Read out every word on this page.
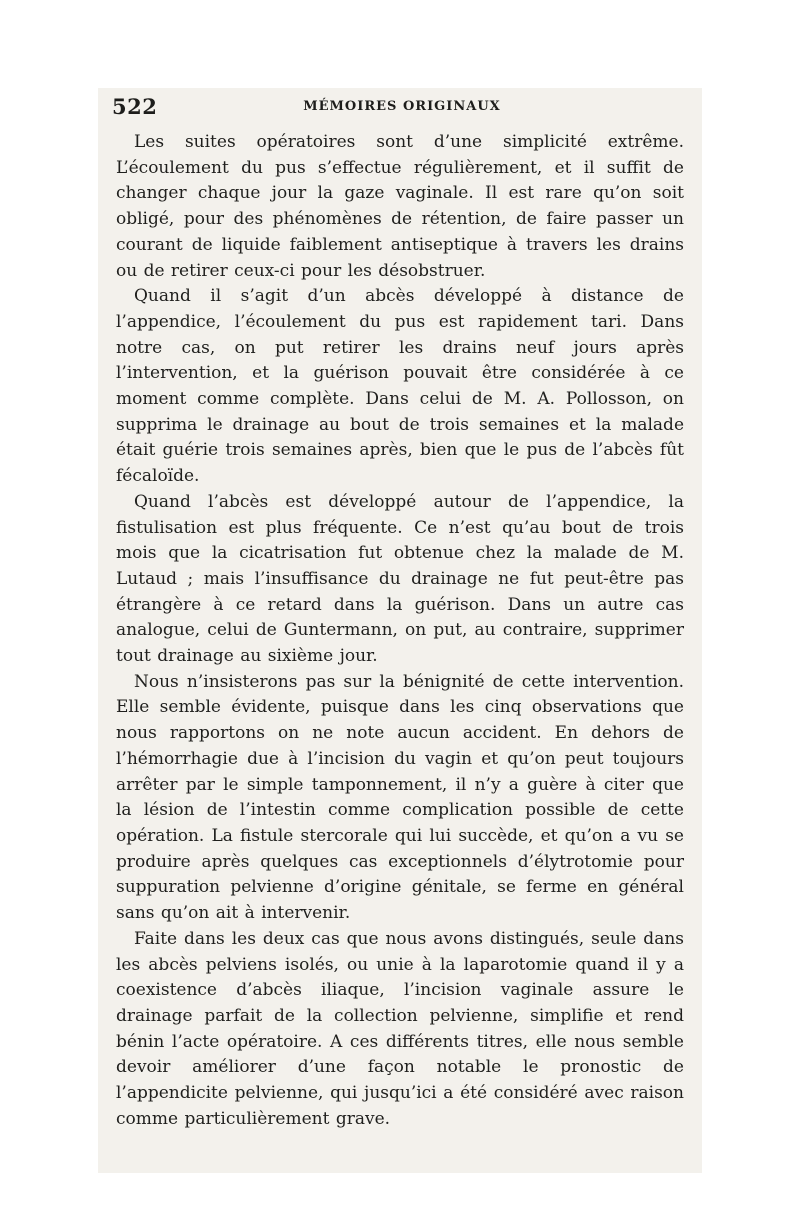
522	MÉMOIRES ORIGINAUX

Les suites opératoires sont d’une simplicité extrême. L’écoulement du pus s’effectue régulièrement, et il suffit de changer chaque jour la gaze vaginale. Il est rare qu’on soit obligé, pour des phénomènes de rétention, de faire passer un courant de liquide faiblement antiseptique à travers les drains ou de retirer ceux-ci pour les désobstruer.

Quand il s’agit d’un abcès développé à distance de l’appendice, l’écoulement du pus est rapidement tari. Dans notre cas, on put retirer les drains neuf jours après l’intervention, et la guérison pouvait être considérée à ce moment comme complète. Dans celui de M. A. Pollosson, on supprima le drainage au bout de trois semaines et la malade était guérie trois semaines après, bien que le pus de l’abcès fût fécaloïde.

Quand l’abcès est développé autour de l’appendice, la fistulisation est plus fréquente. Ce n’est qu’au bout de trois mois que la cicatrisation fut obtenue chez la malade de M. Lutaud ; mais l’insuffisance du drainage ne fut peut-être pas étrangère à ce retard dans la guérison. Dans un autre cas analogue, celui de Guntermann, on put, au contraire, supprimer tout drainage au sixième jour.

Nous n’insisterons pas sur la bénignité de cette intervention. Elle semble évidente, puisque dans les cinq observations que nous rapportons on ne note aucun accident. En dehors de l’hémorrhagie due à l’incision du vagin et qu’on peut toujours arrêter par le simple tamponnement, il n’y a guère à citer que la lésion de l’intestin comme complication possible de cette opération. La fistule stercorale qui lui succède, et qu’on a vu se produire après quelques cas exceptionnels d’élytrotomie pour suppuration pelvienne d’origine génitale, se ferme en général sans qu’on ait à intervenir.

Faite dans les deux cas que nous avons distingués, seule dans les abcès pelviens isolés, ou unie à la laparotomie quand il y a coexistence d’abcès iliaque, l’incision vaginale assure le drainage parfait de la collection pelvienne, simplifie et rend bénin l’acte opératoire. A ces différents titres, elle nous semble devoir améliorer d’une façon notable le pronostic de l’appendicite pelvienne, qui jusqu’ici a été considéré avec raison comme particulièrement grave.
